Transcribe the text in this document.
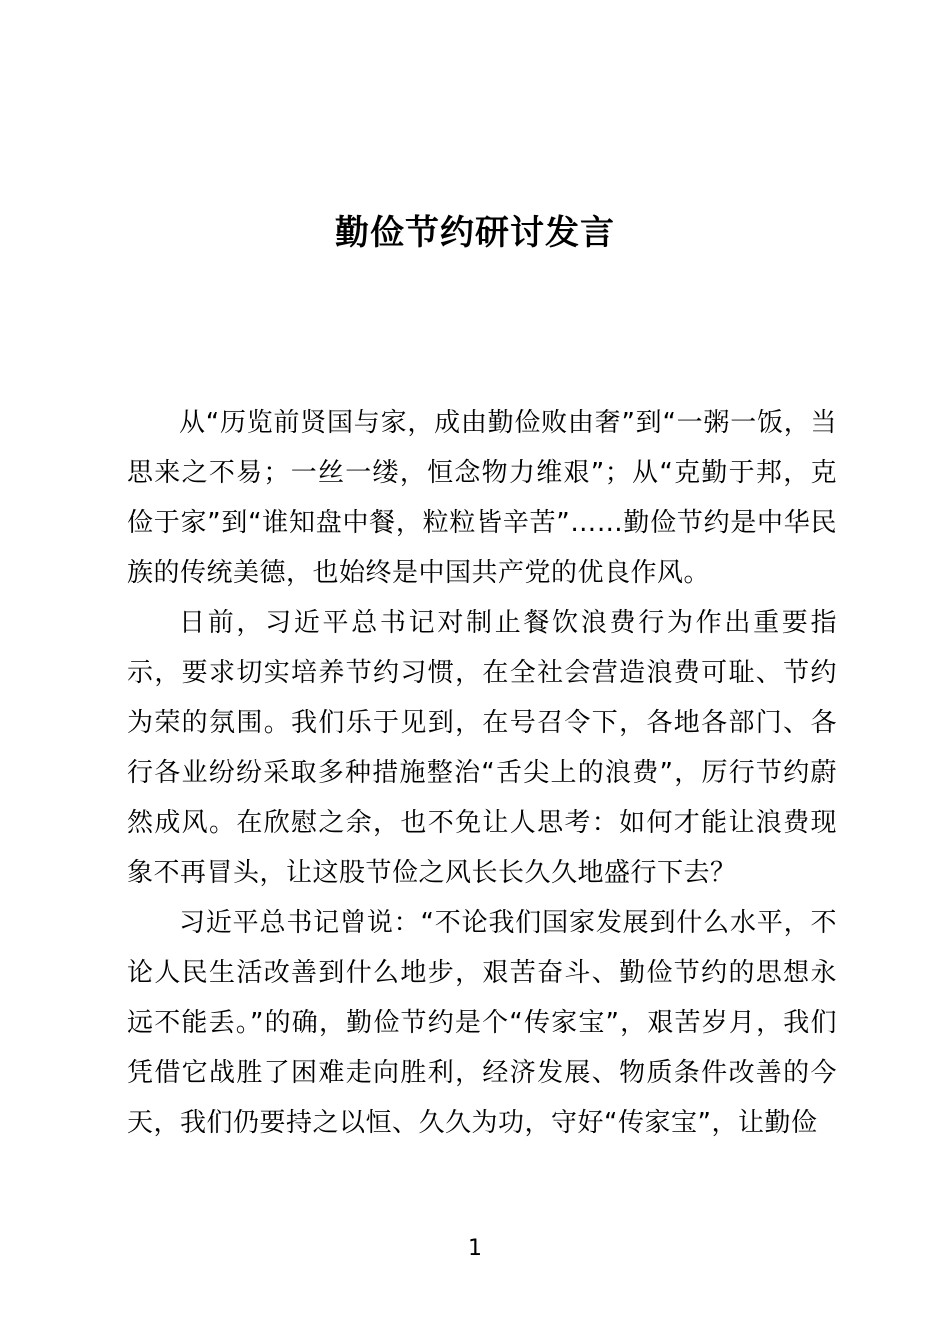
勤俭节约研讨发言

从“历览前贤国与家，成由勤俭败由奢”到“一粥一饭，当思来之不易；一丝一缕，恒念物力维艰”；从“克勤于邦，克俭于家”到“谁知盘中餐，粒粒皆辛苦”……勤俭节约是中华民族的传统美德，也始终是中国共产党的优良作风。

日前，习近平总书记对制止餐饮浪费行为作出重要指示，要求切实培养节约习惯，在全社会营造浪费可耻、节约为荣的氛围。我们乐于见到，在号召令下，各地各部门、各行各业纷纷采取多种措施整治“舌尖上的浪费”，厉行节约蔚然成风。在欣慰之余，也不免让人思考：如何才能让浪费现象不再冒头，让这股节俭之风长长久久地盛行下去？

习近平总书记曾说：“不论我们国家发展到什么水平，不论人民生活改善到什么地步，艰苦奋斗、勤俭节约的思想永远不能丢。”的确，勤俭节约是个“传家宝”，艰苦岁月，我们凭借它战胜了困难走向胜利，经济发展、物质条件改善的今天，我们仍要持之以恒、久久为功，守好“传家宝”，让勤俭

1
